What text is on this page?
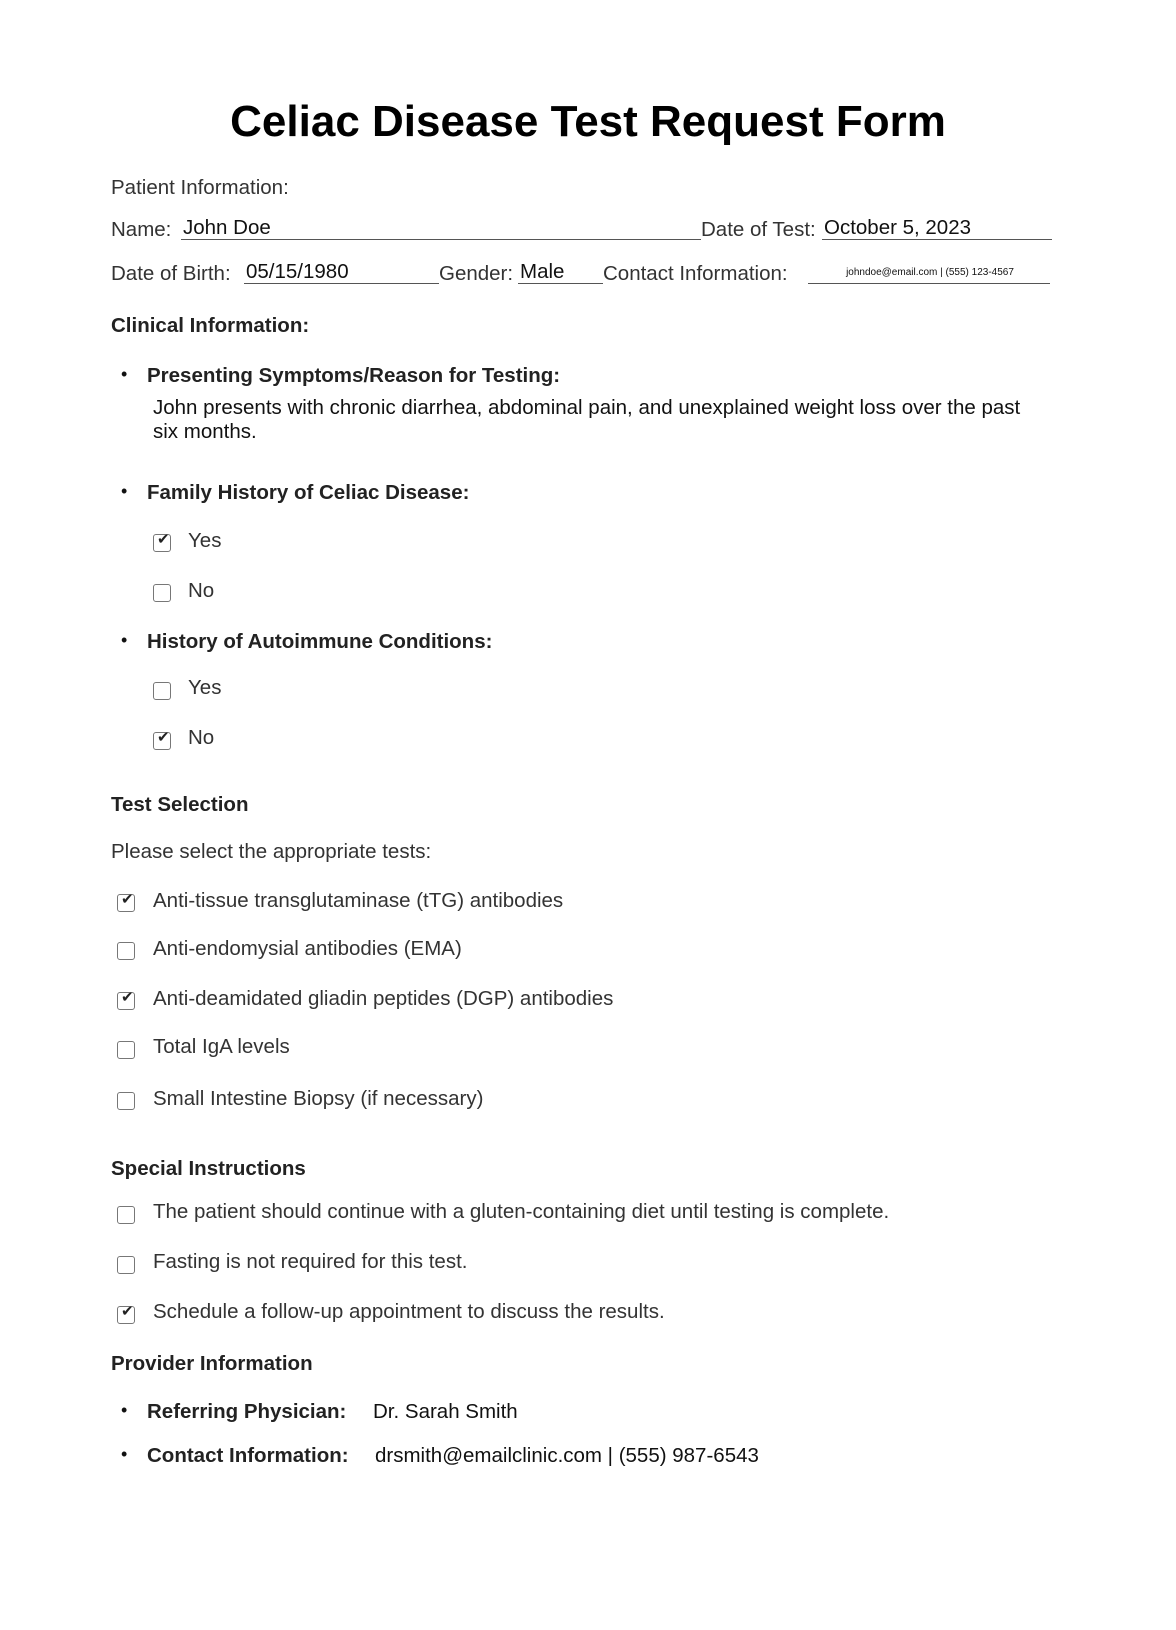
Celiac Disease Test Request Form
Patient Information:
Name: John Doe	Date of Test: October 5, 2023
Date of Birth: 05/15/1980	Gender: Male	Contact Information:	johndoe@email.com | (555) 123-4567
Clinical Information:
• Presenting Symptoms/Reason for Testing:
John presents with chronic diarrhea, abdominal pain, and unexplained weight loss over the past six months.
• Family History of Celiac Disease:
✔ Yes
No
• History of Autoimmune Conditions:
Yes
✔ No
Test Selection
Please select the appropriate tests:
✔ Anti-tissue transglutaminase (tTG) antibodies
Anti-endomysial antibodies (EMA)
✔ Anti-deamidated gliadin peptides (DGP) antibodies
Total IgA levels
Small Intestine Biopsy (if necessary)
Special Instructions
The patient should continue with a gluten-containing diet until testing is complete.
Fasting is not required for this test.
✔ Schedule a follow-up appointment to discuss the results.
Provider Information
• Referring Physician: Dr. Sarah Smith
• Contact Information: drsmith@emailclinic.com | (555) 987-6543
